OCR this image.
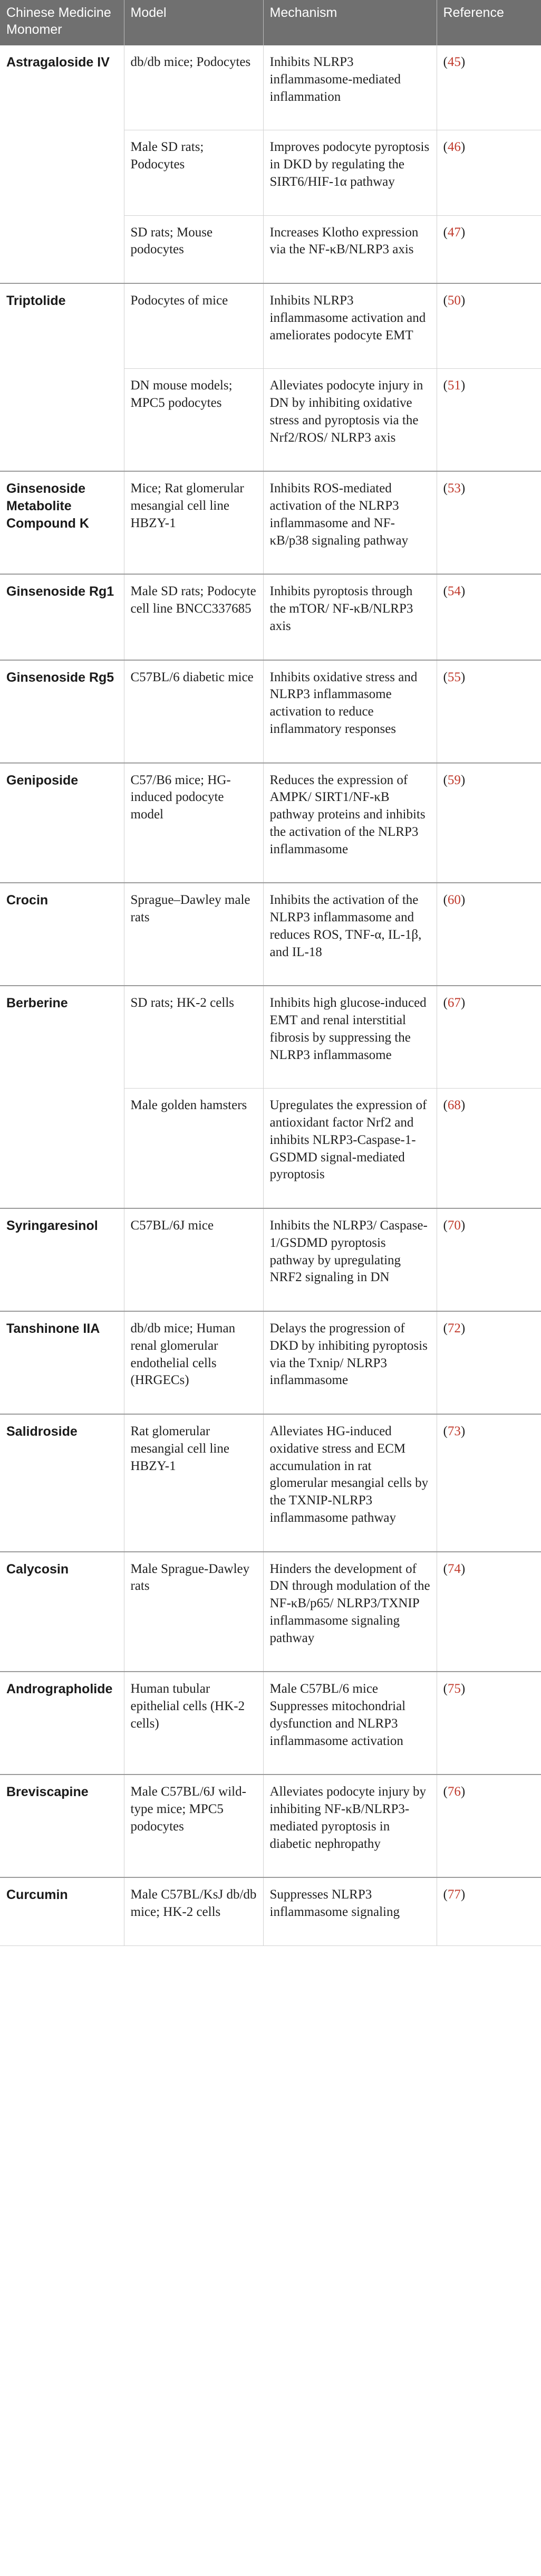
Chinese Medicine Monomer	Model	Mechanism	Reference
Astragaloside IV	db/db mice; Podocytes	Inhibits NLRP3 inflammasome-mediated inflammation	(45)
	Male SD rats; Podocytes	Improves podocyte pyroptosis in DKD by regulating the SIRT6/HIF-1α pathway	(46)
	SD rats; Mouse podocytes	Increases Klotho expression via the NF-κB/NLRP3 axis	(47)
Triptolide	Podocytes of mice	Inhibits NLRP3 inflammasome activation and ameliorates podocyte EMT	(50)
	DN mouse models; MPC5 podocytes	Alleviates podocyte injury in DN by inhibiting oxidative stress and pyroptosis via the Nrf2/ROS/ NLRP3 axis	(51)
Ginsenoside Metabolite Compound K	Mice; Rat glomerular mesangial cell line HBZY-1	Inhibits ROS-mediated activation of the NLRP3 inflammasome and NF-κB/p38 signaling pathway	(53)
Ginsenoside Rg1	Male SD rats; Podocyte cell line BNCC337685	Inhibits pyroptosis through the mTOR/ NF-κB/NLRP3 axis	(54)
Ginsenoside Rg5	C57BL/6 diabetic mice	Inhibits oxidative stress and NLRP3 inflammasome activation to reduce inflammatory responses	(55)
Geniposide	C57/B6 mice; HG-induced podocyte model	Reduces the expression of AMPK/ SIRT1/NF-κB pathway proteins and inhibits the activation of the NLRP3 inflammasome	(59)
Crocin	Sprague–Dawley male rats	Inhibits the activation of the NLRP3 inflammasome and reduces ROS, TNF-α, IL-1β, and IL-18	(60)
Berberine	SD rats; HK-2 cells	Inhibits high glucose-induced EMT and renal interstitial fibrosis by suppressing the NLRP3 inflammasome	(67)
	Male golden hamsters	Upregulates the expression of antioxidant factor Nrf2 and inhibits NLRP3-Caspase-1-GSDMD signal-mediated pyroptosis	(68)
Syringaresinol	C57BL/6J mice	Inhibits the NLRP3/ Caspase-1/GSDMD pyroptosis pathway by upregulating NRF2 signaling in DN	(70)
Tanshinone IIA	db/db mice; Human renal glomerular endothelial cells (HRGECs)	Delays the progression of DKD by inhibiting pyroptosis via the Txnip/ NLRP3 inflammasome	(72)
Salidroside	Rat glomerular mesangial cell line HBZY-1	Alleviates HG-induced oxidative stress and ECM accumulation in rat glomerular mesangial cells by the TXNIP-NLRP3 inflammasome pathway	(73)
Calycosin	Male Sprague-Dawley rats	Hinders the development of DN through modulation of the NF-κB/p65/ NLRP3/TXNIP inflammasome signaling pathway	(74)
Andrographolide	Human tubular epithelial cells (HK-2 cells)	Male C57BL/6 mice Suppresses mitochondrial dysfunction and NLRP3 inflammasome activation	(75)
Breviscapine	Male C57BL/6J wild-type mice; MPC5 podocytes	Alleviates podocyte injury by inhibiting NF-κB/NLRP3-mediated pyroptosis in diabetic nephropathy	(76)
Curcumin	Male C57BL/KsJ db/db mice; HK-2 cells	Suppresses NLRP3 inflammasome signaling	(77)
